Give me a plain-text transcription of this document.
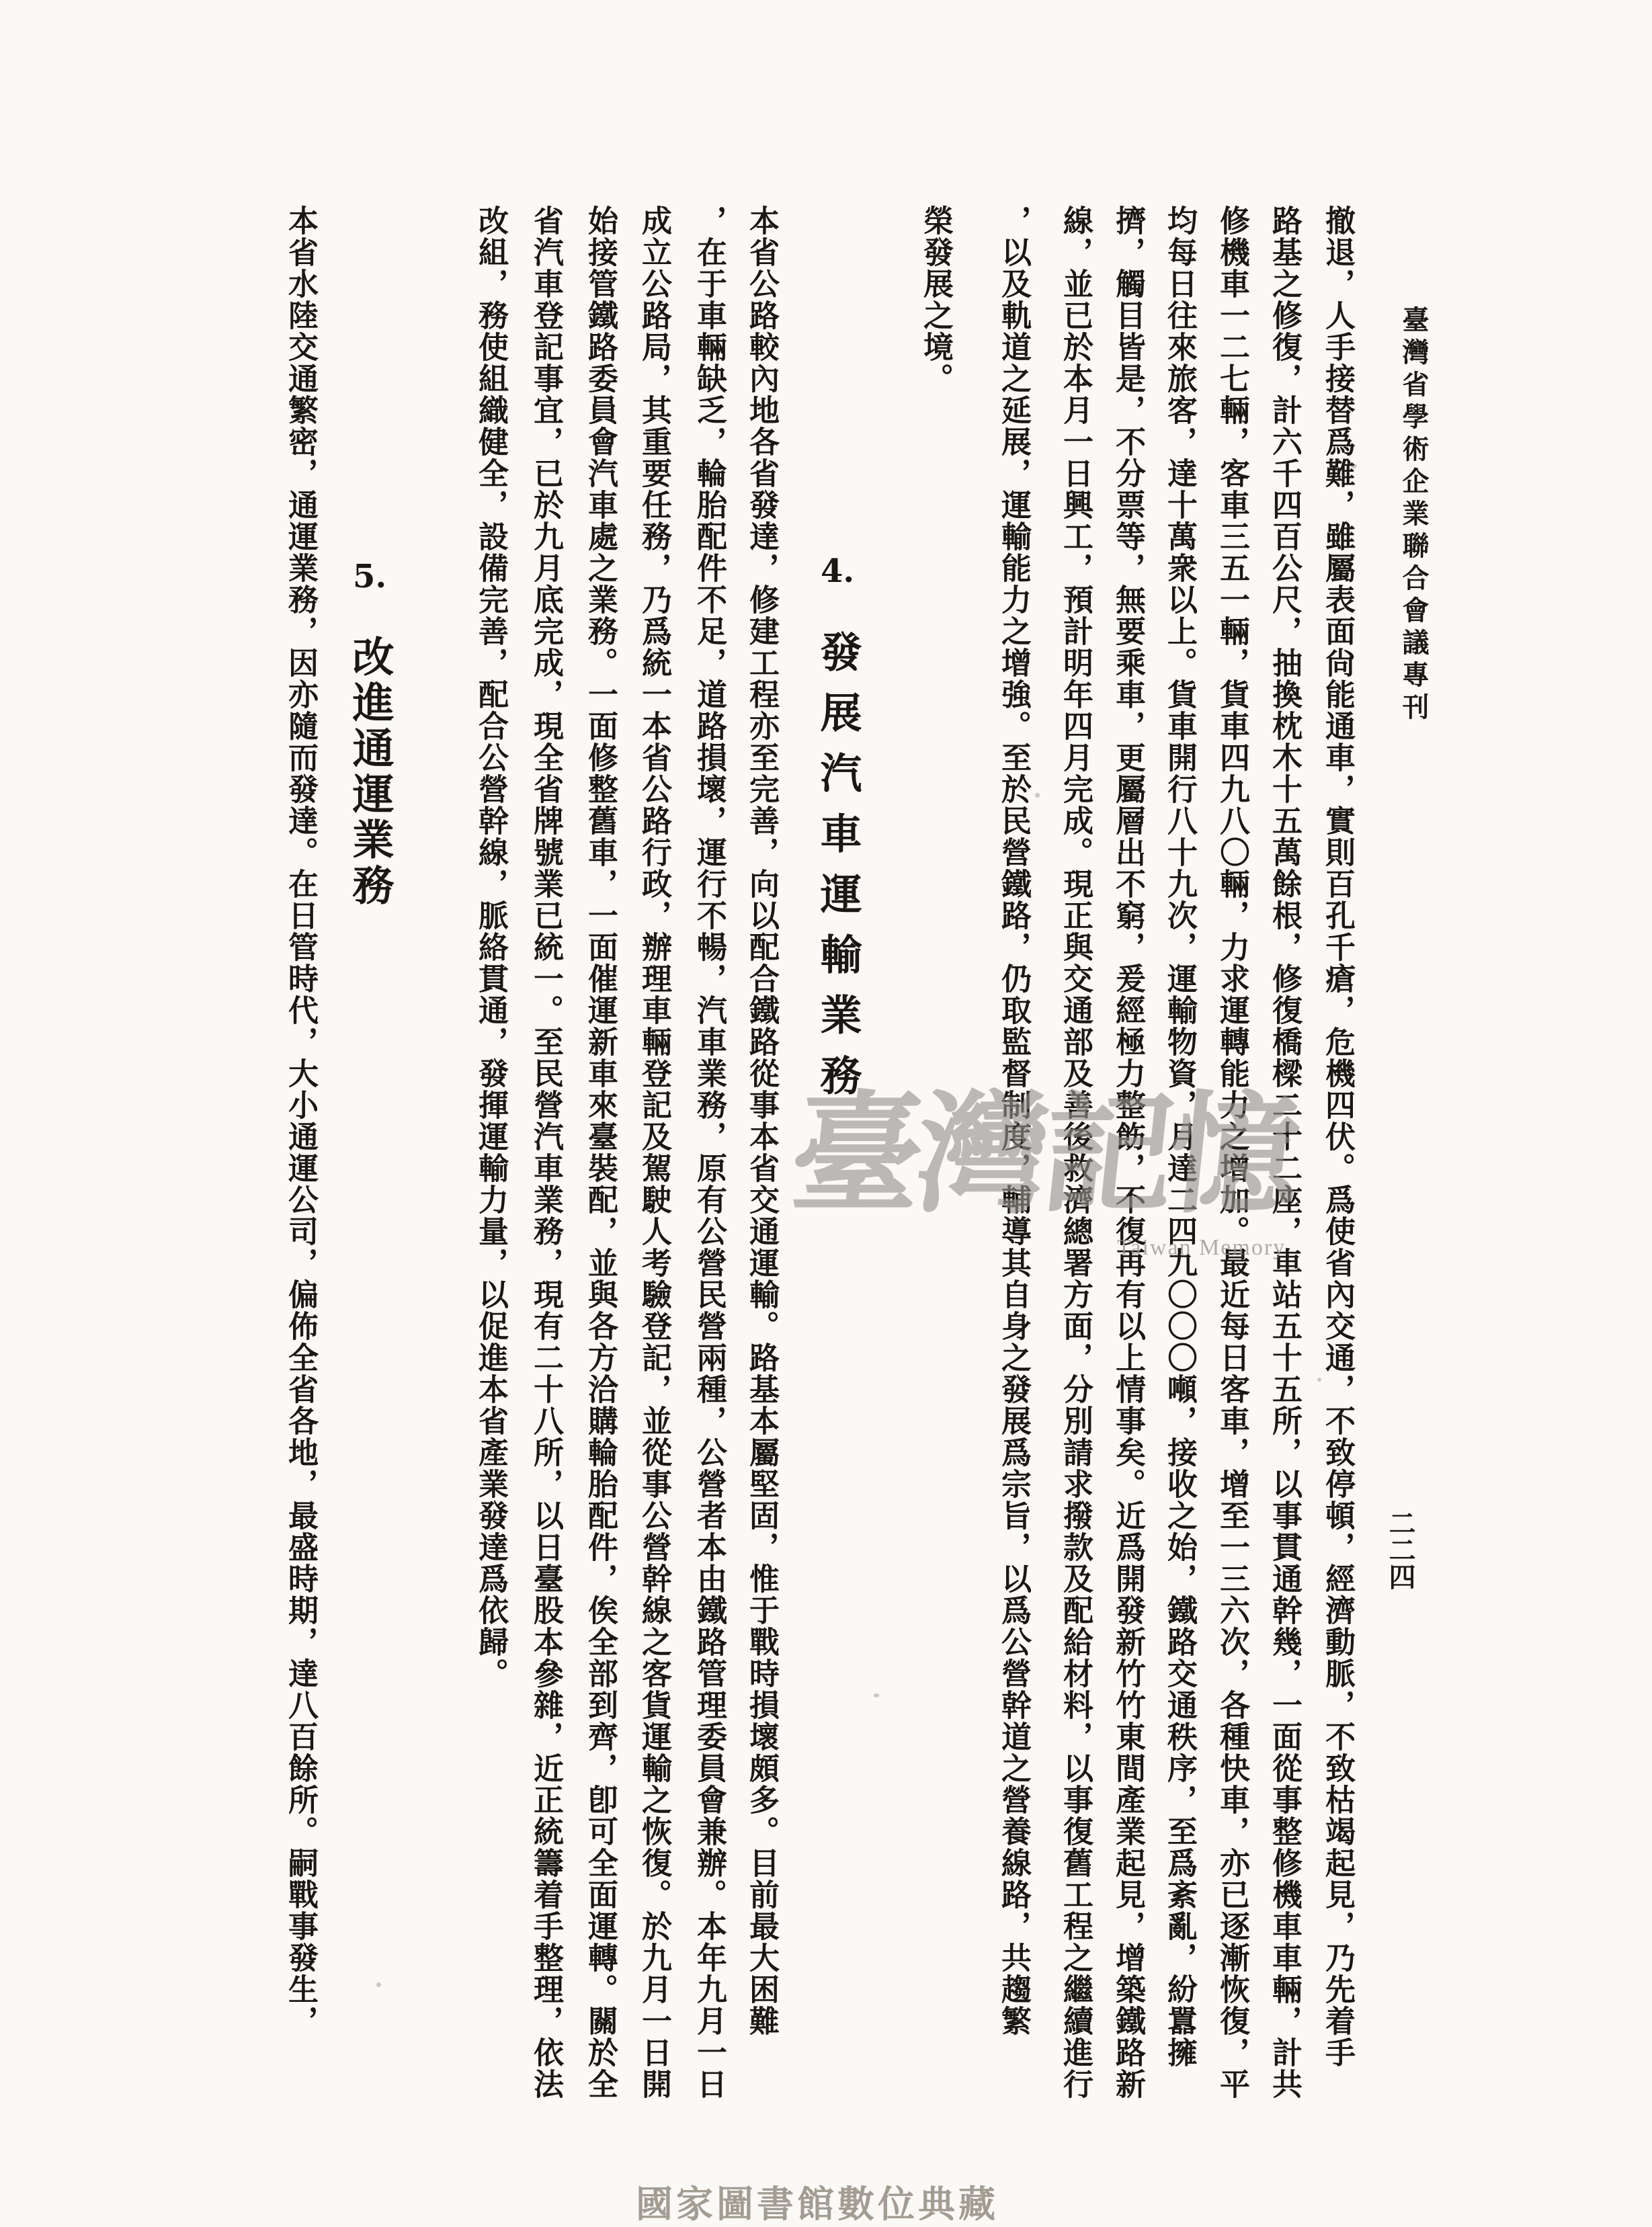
臺灣省學術企業聯合會議專刊
二二四
撤退，人手接替爲難，雖屬表面尙能通車，實則百孔千瘡，危機四伏。爲使省內交通，不致停頓，經濟動脈，不致枯竭起見，乃先着手
路基之修復，計六千四百公尺，抽換枕木十五萬餘根，修復橋樑二十二座，車站五十五所，以事貫通幹幾，一面從事整修機車車輛，計共
修機車一二七輛，客車三五一輛，貨車四九八〇輛，力求運轉能力之增加。最近每日客車，增至一三六次，各種快車，亦已逐漸恢復，平
均每日往來旅客，達十萬衆以上。貨車開行八十九次，運輸物資，月達二四九〇〇〇噸，接收之始，鐵路交通秩序，至爲紊亂，紛囂擁
擠，觸目皆是，不分票等，無要乘車，更屬層出不窮，爰經極力整飭，不復再有以上情事矣。近爲開發新竹竹東間產業起見，增築鐵路新
線，並已於本月一日興工，預計明年四月完成。現正與交通部及善後救濟總署方面，分別請求撥款及配給材料，以事復舊工程之繼續進行
，以及軌道之延展，運輸能力之增強。至於民營鐵路，仍取監督制度，輔導其自身之發展爲宗旨，以爲公營幹道之營養線路，共趨繁
榮發展之境。
4.
發展汽車運輸業務
本省公路較內地各省發達，修建工程亦至完善，向以配合鐵路從事本省交通運輸。路基本屬堅固，惟于戰時損壞頗多。目前最大困難
，在于車輛缺乏，輪胎配件不足，道路損壞，運行不暢，汽車業務，原有公營民營兩種，公營者本由鐵路管理委員會兼辦。本年九月一日
成立公路局，其重要任務，乃爲統一本省公路行政，辦理車輛登記及駕駛人考驗登記，並從事公營幹線之客貨運輸之恢復。於九月一日開
始接管鐵路委員會汽車處之業務。一面修整舊車，一面催運新車來臺裝配，並與各方洽購輪胎配件，俟全部到齊，卽可全面運轉。關於全
省汽車登記事宜，已於九月底完成，現全省牌號業已統一。至民營汽車業務，現有二十八所，以日臺股本參雜，近正統籌着手整理，依法
改組，務使組織健全，設備完善，配合公營幹線，脈絡貫通，發揮運輸力量，以促進本省產業發達爲依歸。
5.
改進通運業務
本省水陸交通繁密，通運業務，因亦隨而發達。在日管時代，大小通運公司，偏佈全省各地，最盛時期，達八百餘所。嗣戰事發生，	臺灣記憶
Taiwan Memory
國家圖書館數位典藏
